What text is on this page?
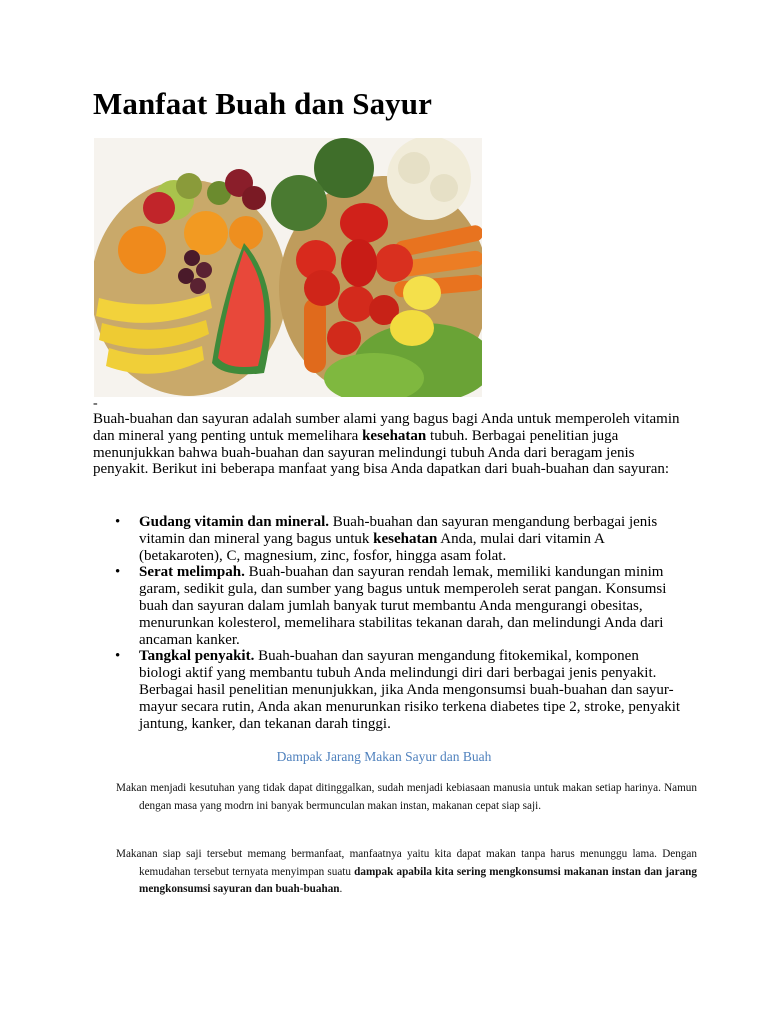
Manfaat Buah dan Sayur
-

Buah-buahan dan sayuran adalah sumber alami yang bagus bagi Anda untuk memperoleh vitamin dan mineral yang penting untuk memelihara kesehatan tubuh. Berbagai penelitian juga menunjukkan bahwa buah-buahan dan sayuran melindungi tubuh Anda dari beragam jenis penyakit. Berikut ini beberapa manfaat yang bisa Anda dapatkan dari buah-buahan dan sayuran:

• Gudang vitamin dan mineral. Buah-buahan dan sayuran mengandung berbagai jenis vitamin dan mineral yang bagus untuk kesehatan Anda, mulai dari vitamin A (betakaroten), C, magnesium, zinc, fosfor, hingga asam folat.
• Serat melimpah. Buah-buahan dan sayuran rendah lemak, memiliki kandungan minim garam, sedikit gula, dan sumber yang bagus untuk memperoleh serat pangan. Konsumsi buah dan sayuran dalam jumlah banyak turut membantu Anda mengurangi obesitas, menurunkan kolesterol, memelihara stabilitas tekanan darah, dan melindungi Anda dari ancaman kanker.
• Tangkal penyakit. Buah-buahan dan sayuran mengandung fitokemikal, komponen biologi aktif yang membantu tubuh Anda melindungi diri dari berbagai jenis penyakit. Berbagai hasil penelitian menunjukkan, jika Anda mengonsumsi buah-buahan dan sayur-mayur secara rutin, Anda akan menurunkan risiko terkena diabetes tipe 2, stroke, penyakit jantung, kanker, dan tekanan darah tinggi.
Dampak Jarang Makan Sayur dan Buah

Makan menjadi kesutuhan yang tidak dapat ditinggalkan, sudah menjadi kebiasaan manusia untuk makan setiap harinya. Namun dengan masa yang modrn ini banyak bermunculan makan instan, makanan cepat siap saji.

Makanan siap saji tersebut memang bermanfaat, manfaatnya yaitu kita dapat makan tanpa harus menunggu lama. Dengan kemudahan tersebut ternyata menyimpan suatu dampak apabila kita sering mengkonsumsi makanan instan dan jarang mengkonsumsi sayuran dan buah-buahan.
